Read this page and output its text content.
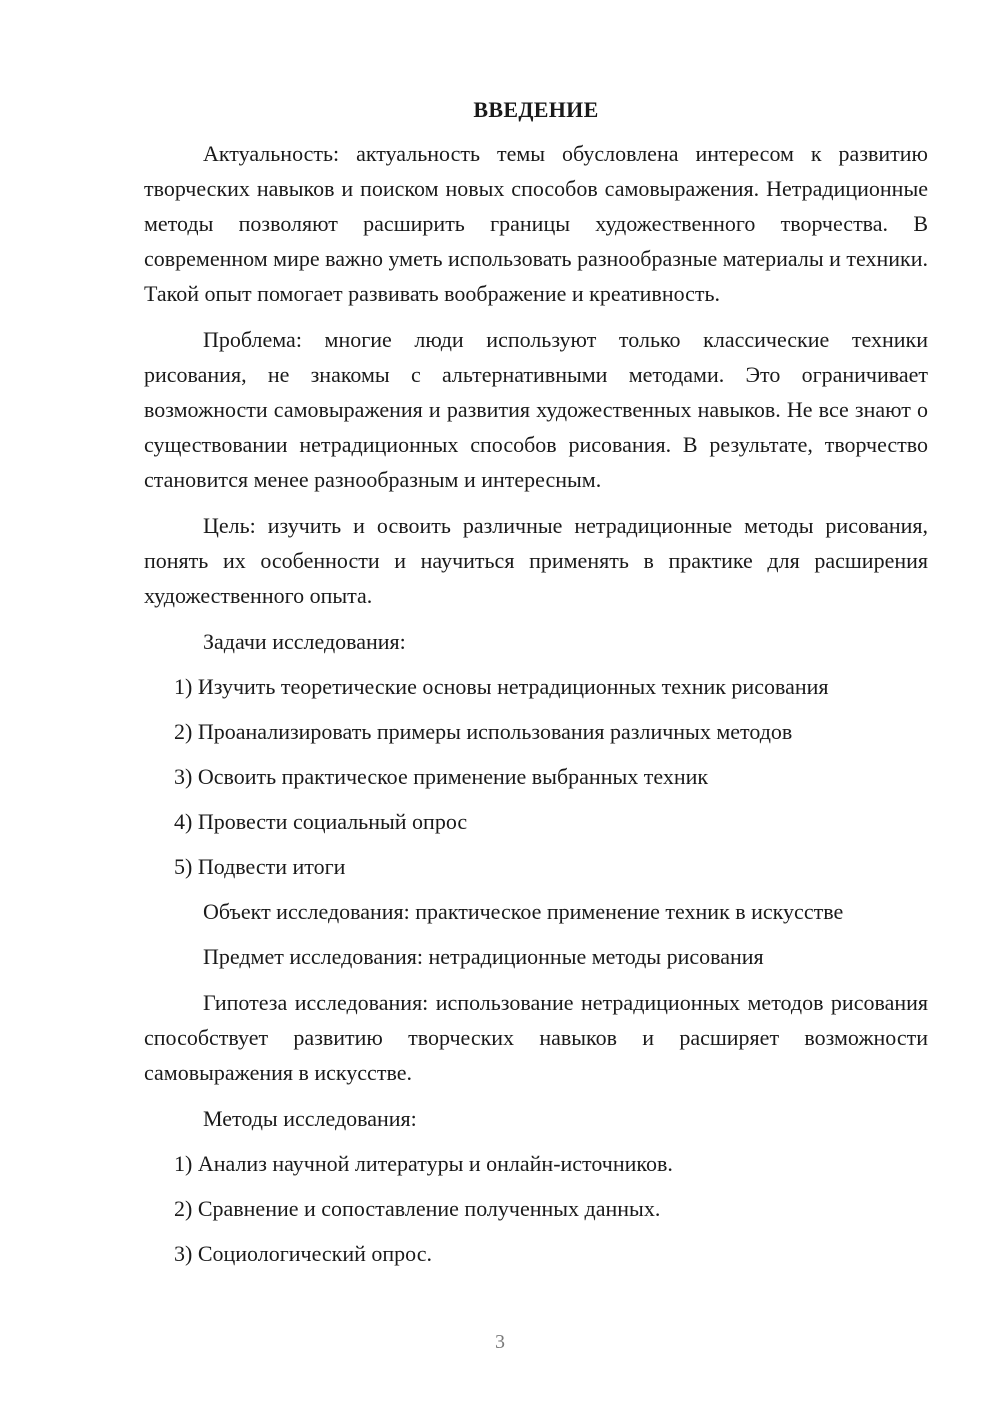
ВВЕДЕНИЕ

Актуальность: актуальность темы обусловлена интересом к развитию творческих навыков и поиском новых способов самовыражения. Нетрадиционные методы позволяют расширить границы художественного творчества. В современном мире важно уметь использовать разнообразные материалы и техники. Такой опыт помогает развивать воображение и креативность.

Проблема: многие люди используют только классические техники рисования, не знакомы с альтернативными методами. Это ограничивает возможности самовыражения и развития художественных навыков. Не все знают о существовании нетрадиционных способов рисования. В результате, творчество становится менее разнообразным и интересным.

Цель: изучить и освоить различные нетрадиционные методы рисования, понять их особенности и научиться применять в практике для расширения художественного опыта.

Задачи исследования:

1) Изучить теоретические основы нетрадиционных техник рисования

2) Проанализировать примеры использования различных методов

3) Освоить практическое применение выбранных техник

4) Провести социальный опрос

5) Подвести итоги

Объект исследования: практическое применение техник в искусстве

Предмет исследования: нетрадиционные методы рисования

Гипотеза исследования: использование нетрадиционных методов рисования способствует развитию творческих навыков и расширяет возможности самовыражения в искусстве.

Методы исследования:

1) Анализ научной литературы и онлайн-источников.

2) Сравнение и сопоставление полученных данных.

3) Социологический опрос.

3
